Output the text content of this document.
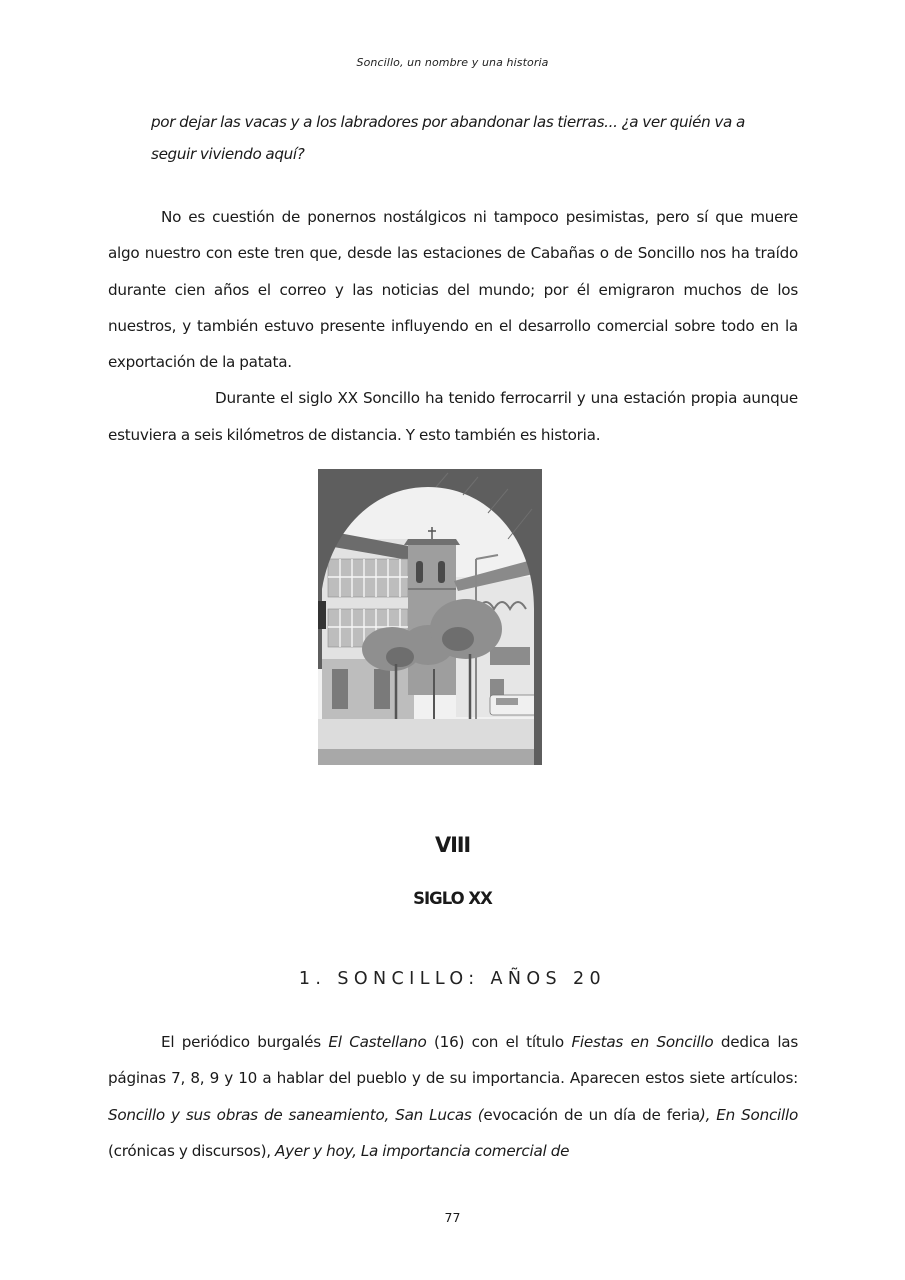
Soncillo, un nombre y una historia

por dejar las vacas y a los labradores por abandonar las tierras... ¿a ver quién va a

seguir viviendo aquí?

No es cuestión de ponernos nostálgicos ni tampoco pesimistas, pero sí que muere algo nuestro con este tren que, desde las estaciones de Cabañas o de Soncillo nos ha traído durante cien años el correo y las noticias del mundo; por él emigraron muchos de los nuestros, y también estuvo presente influyendo en el desarrollo comercial sobre todo en la exportación de la patata.

Durante el siglo XX Soncillo ha tenido ferrocarril y una estación propia aunque estuviera a seis kilómetros de distancia. Y esto también es historia.

VIII
SIGLO XX
1. SONCILLO: AÑOS 20

El periódico burgalés El Castellano (16) con el título Fiestas en Soncillo dedica las páginas 7, 8, 9 y 10 a hablar del pueblo y de su importancia. Aparecen estos siete artículos: Soncillo y sus obras de saneamiento, San Lucas (evocación de un día de feria), En Soncillo (crónicas y discursos), Ayer y hoy, La importancia comercial de

77
